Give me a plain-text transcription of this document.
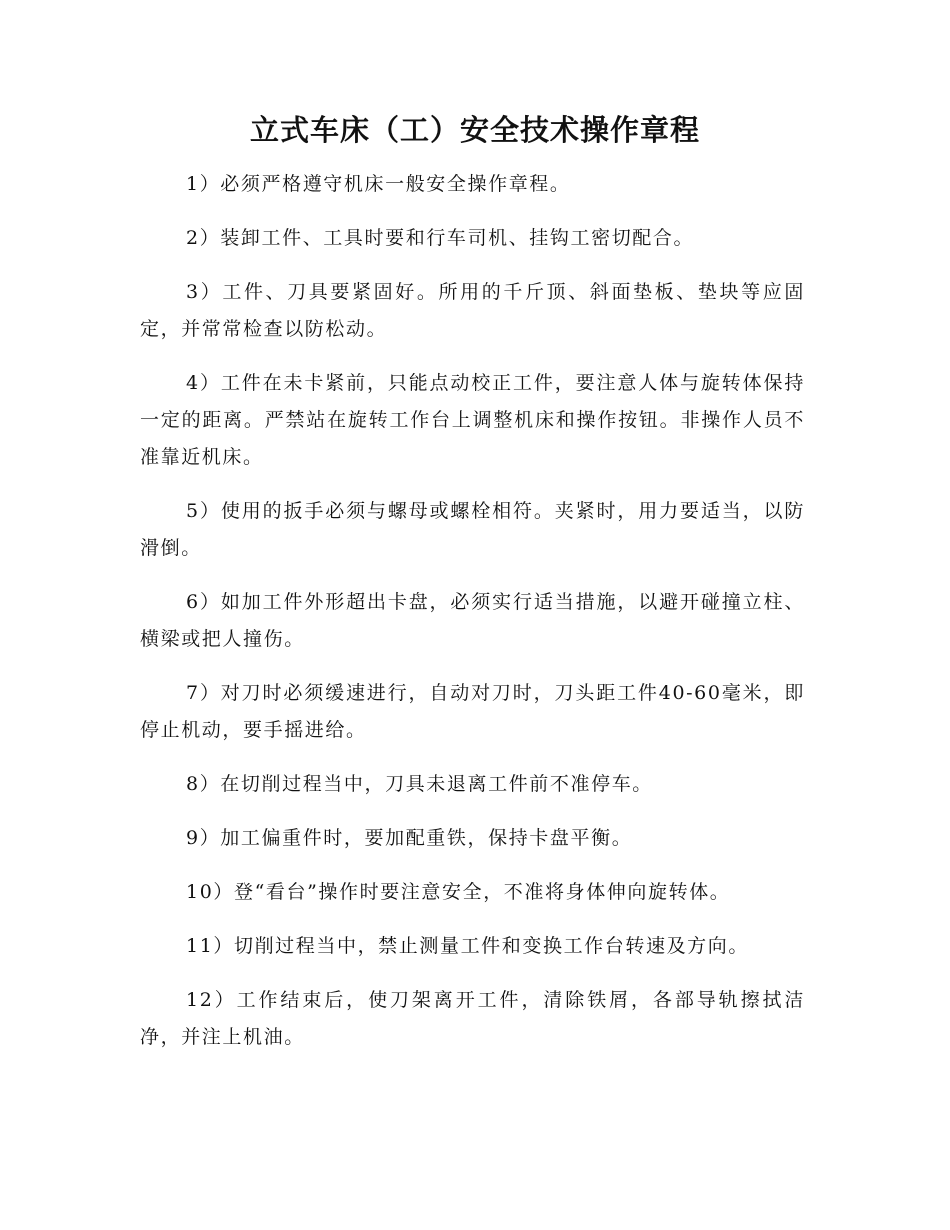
立式车床（工）安全技术操作章程

1）必须严格遵守机床一般安全操作章程。

2）装卸工件、工具时要和行车司机、挂钩工密切配合。

3）工件、刀具要紧固好。所用的千斤顶、斜面垫板、垫块等应固定，并常常检查以防松动。

4）工件在未卡紧前，只能点动校正工件，要注意人体与旋转体保持一定的距离。严禁站在旋转工作台上调整机床和操作按钮。非操作人员不准靠近机床。

5）使用的扳手必须与螺母或螺栓相符。夹紧时，用力要适当，以防滑倒。

6）如加工件外形超出卡盘，必须实行适当措施，以避开碰撞立柱、横梁或把人撞伤。

7）对刀时必须缓速进行，自动对刀时，刀头距工件40-60毫米，即停止机动，要手摇进给。

8）在切削过程当中，刀具未退离工件前不准停车。

9）加工偏重件时，要加配重铁，保持卡盘平衡。

10）登“看台”操作时要注意安全，不准将身体伸向旋转体。

11）切削过程当中，禁止测量工件和变换工作台转速及方向。

12）工作结束后，使刀架离开工件，清除铁屑，各部导轨擦拭洁净，并注上机油。
